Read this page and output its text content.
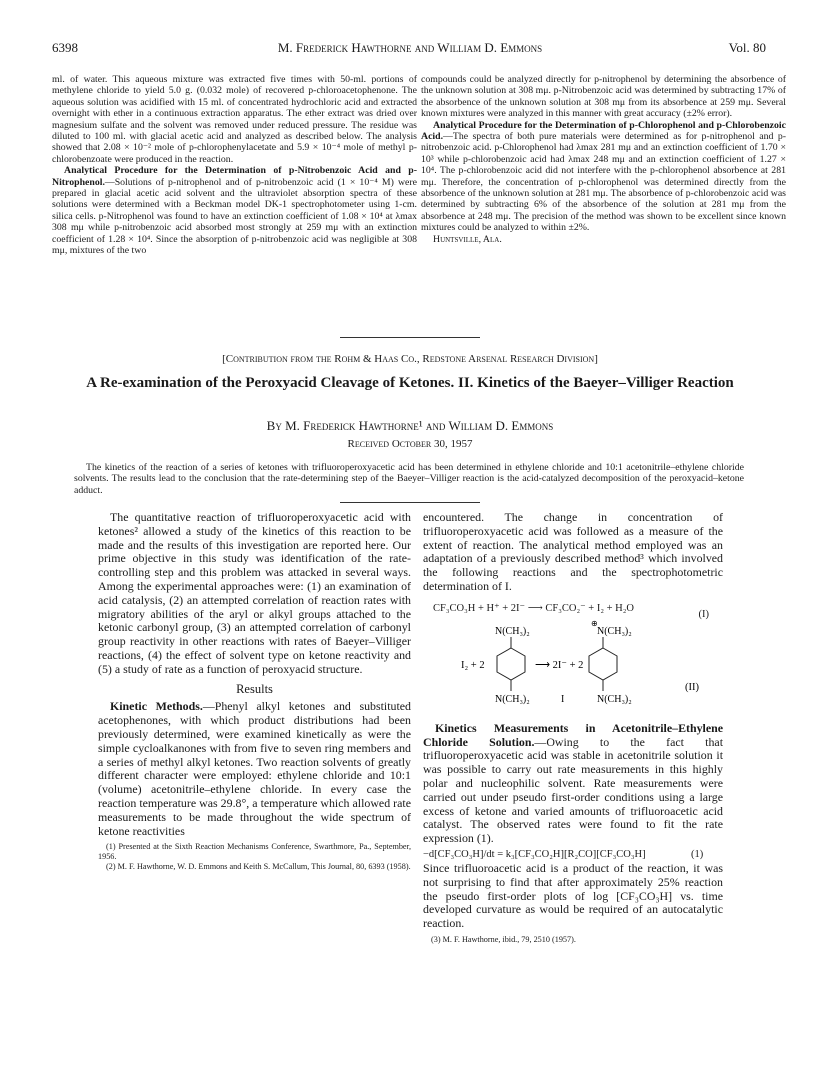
6398	M. Frederick Hawthorne and William D. Emmons	Vol. 80

ml. of water. This aqueous mixture was extracted five times with 50-ml. portions of methylene chloride to yield 5.0 g. (0.032 mole) of recovered p-chloroacetophenone. The aqueous solution was acidified with 15 ml. of concentrated hydrochloric acid and extracted overnight with ether in a continuous extraction apparatus. The ether extract was dried over magnesium sulfate and the solvent was removed under reduced pressure. The residue was diluted to 100 ml. with glacial acetic acid and analyzed as described below. The analysis showed that 2.08 × 10⁻² mole of p-chlorophenylacetate and 5.9 × 10⁻⁴ mole of methyl p-chlorobenzoate were produced in the reaction.

Analytical Procedure for the Determination of p-Nitrobenzoic Acid and p-Nitrophenol.—Solutions of p-nitrophenol and of p-nitrobenzoic acid (1 × 10⁻⁴ M) were prepared in glacial acetic acid solvent and the ultraviolet absorption spectra of these solutions were determined with a Beckman model DK-1 spectrophotometer using 1-cm. silica cells. p-Nitrophenol was found to have an extinction coefficient of 1.08 × 10⁴ at λmax 308 mμ while p-nitrobenzoic acid absorbed most strongly at 259 mμ with an extinction coefficient of 1.28 × 10⁴. Since the absorption of p-nitrobenzoic acid was negligible at 308 mμ, mixtures of the two

compounds could be analyzed directly for p-nitrophenol by determining the absorbence of the unknown solution at 308 mμ. p-Nitrobenzoic acid was determined by subtracting 17% of the absorbence of the unknown solution at 308 mμ from its absorbence at 259 mμ. Several known mixtures were analyzed in this manner with great accuracy (±2% error).

Analytical Procedure for the Determination of p-Chlorophenol and p-Chlorobenzoic Acid.—The spectra of both pure materials were determined as for p-nitrophenol and p-nitrobenzoic acid. p-Chlorophenol had λmax 281 mμ and an extinction coefficient of 1.70 × 10³ while p-chlorobenzoic acid had λmax 248 mμ and an extinction coefficient of 1.27 × 10⁴. The p-chlorobenzoic acid did not interfere with the p-chlorophenol absorbence at 281 mμ. Therefore, the concentration of p-chlorophenol was determined directly from the absorbence of the unknown solution at 281 mμ. The absorbence of p-chlorobenzoic acid was determined by subtracting 6% of the absorbence of the solution at 281 mμ from the absorbence at 248 mμ. The precision of the method was shown to be excellent since known mixtures could be analyzed to within ±2%.

Huntsville, Ala.

[Contribution from the Rohm & Haas Co., Redstone Arsenal Research Division]
A Re-examination of the Peroxyacid Cleavage of Ketones. II. Kinetics of the Baeyer–Villiger Reaction
By M. Frederick Hawthorne¹ and William D. Emmons
Received October 30, 1957
The kinetics of the reaction of a series of ketones with trifluoroperoxyacetic acid has been determined in ethylene chloride and 10:1 acetonitrile–ethylene chloride solvents. The results lead to the conclusion that the rate-determining step of the Baeyer–Villiger reaction is the acid-catalyzed decomposition of the peroxyacid–ketone adduct.

The quantitative reaction of trifluoroperoxyacetic acid with ketones² allowed a study of the kinetics of this reaction to be made and the results of this investigation are reported here. Our prime objective in this study was identification of the rate-controlling step and this problem was attacked in several ways. Among the experimental approaches were: (1) an examination of acid catalysis, (2) an attempted correlation of reaction rates with migratory abilities of the aryl or alkyl groups attached to the ketonic carbonyl group, (3) an attempted correlation of carbonyl group reactivity in other reactions with rates of Baeyer–Villiger reactions, (4) the effect of solvent type on ketone reactivity and (5) a study of rate as a function of peroxyacid structure.

Results

Kinetic Methods.—Phenyl alkyl ketones and substituted acetophenones, with which product distributions had been previously determined, were examined kinetically as were the simple cycloalkanones with from five to seven ring members and a series of methyl alkyl ketones. Two reaction solvents of greatly different character were employed: ethylene chloride and 10:1 (volume) acetonitrile–ethylene chloride. In every case the reaction temperature was 29.8°, a temperature which allowed rate measurements to be made throughout the wide spectrum of ketone reactivities

(1) Presented at the Sixth Reaction Mechanisms Conference, Swarthmore, Pa., September, 1956.

(2) M. F. Hawthorne, W. D. Emmons and Keith S. McCallum, This Journal, 80, 6393 (1958).

encountered. The change in concentration of trifluoroperoxyacetic acid was followed as a measure of the extent of reaction. The analytical method employed was an adaptation of a previously described method³ which involved the following reactions and the spectrophotometric determination of I.

CF₃CO₃H + H⁺ + 2I⁻ ⟶ CF₃CO₂⁻ + I₂ + H₂O
(I)
N(CH₃)₂
N(CH₃)₂
I₂ + 2	⟶ 2I⁻ + 2
⊕
N(CH₃)₂
N(CH₃)₂
I
(II)

Kinetics Measurements in Acetonitrile–Ethylene Chloride Solution.—Owing to the fact that trifluoroperoxyacetic acid was stable in acetonitrile solution it was possible to carry out rate measurements in this highly polar and nucleophilic solvent. Rate measurements were carried out under pseudo first-order conditions using a large excess of ketone and varied amounts of trifluoroacetic acid catalyst. The observed rates were found to fit the rate expression (1).

−d[CF₃CO₃H]/dt = k₃[CF₃CO₂H][R₂CO][CF₃CO₃H]	(1)

Since trifluoroacetic acid is a product of the reaction, it was not surprising to find that after approximately 25% reaction the pseudo first-order plots of log [CF₃CO₃H] vs. time developed curvature as would be required of an autocatalytic reaction.

(3) M. F. Hawthorne, ibid., 79, 2510 (1957).
